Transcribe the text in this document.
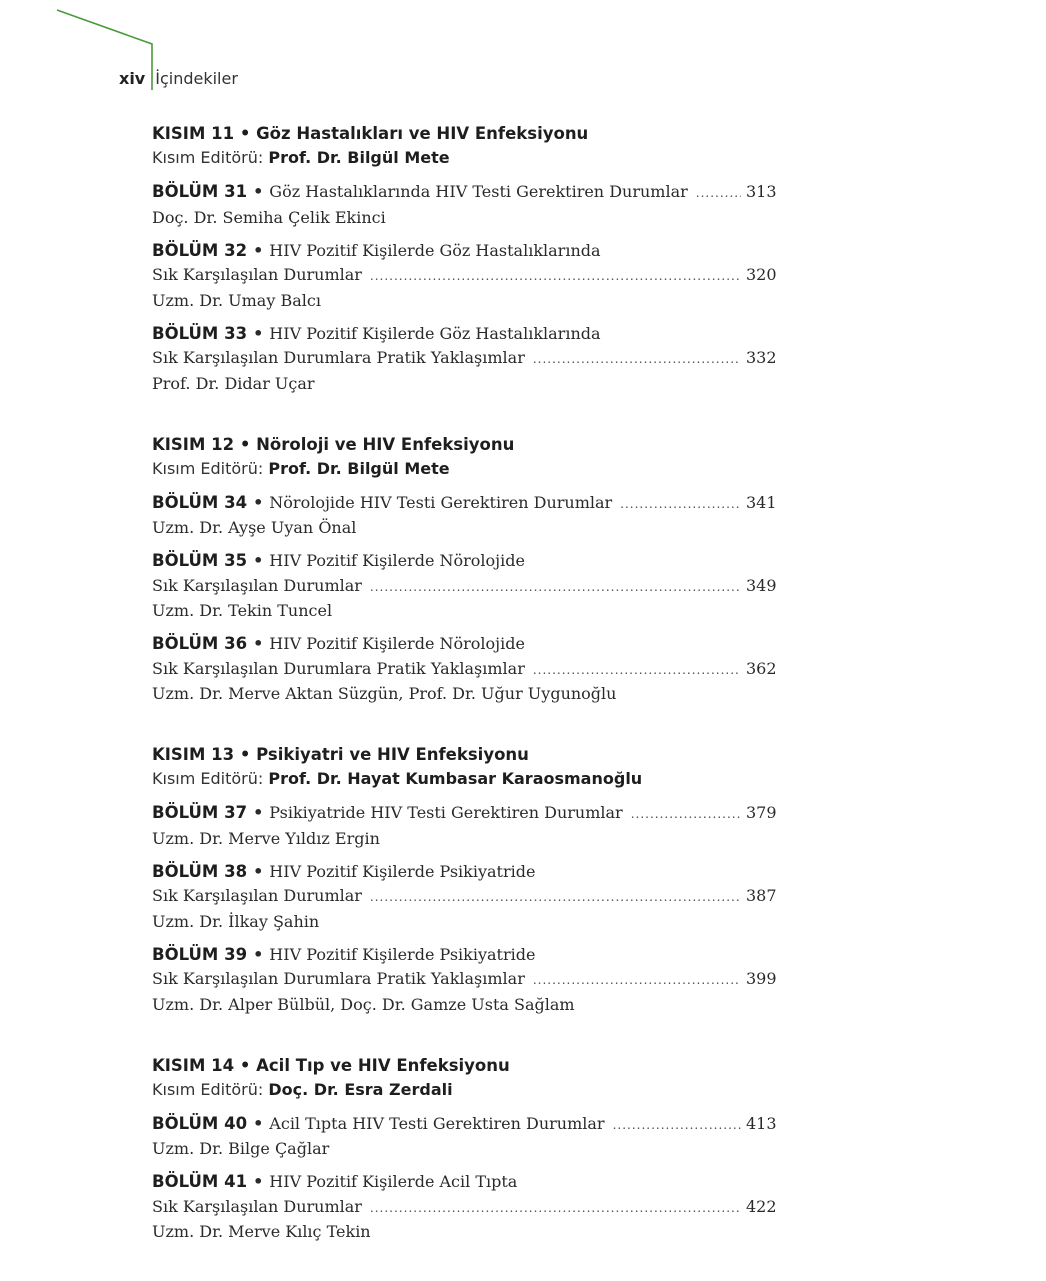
xiv İçindekiler
KISIM 11 • Göz Hastalıkları ve HIV Enfeksiyonu
Kısım Editörü: Prof. Dr. Bilgül Mete
BÖLÜM 31 • Göz Hastalıklarında HIV Testi Gerektiren Durumlar .....	313
Doç. Dr. Semiha Çelik Ekinci
BÖLÜM 32 • HIV Pozitif Kişilerde Göz Hastalıklarında
Sık Karşılaşılan Durumlar .....	320
Uzm. Dr. Umay Balcı
BÖLÜM 33 • HIV Pozitif Kişilerde Göz Hastalıklarında
Sık Karşılaşılan Durumlara Pratik Yaklaşımlar .....	332
Prof. Dr. Didar Uçar
KISIM 12 • Nöroloji ve HIV Enfeksiyonu
Kısım Editörü: Prof. Dr. Bilgül Mete
BÖLÜM 34 • Nörolojide HIV Testi Gerektiren Durumlar .....	341
Uzm. Dr. Ayşe Uyan Önal
BÖLÜM 35 • HIV Pozitif Kişilerde Nörolojide
Sık Karşılaşılan Durumlar .....	349
Uzm. Dr. Tekin Tuncel
BÖLÜM 36 • HIV Pozitif Kişilerde Nörolojide
Sık Karşılaşılan Durumlara Pratik Yaklaşımlar .....	362
Uzm. Dr. Merve Aktan Süzgün, Prof. Dr. Uğur Uygunoğlu
KISIM 13 • Psikiyatri ve HIV Enfeksiyonu
Kısım Editörü: Prof. Dr. Hayat Kumbasar Karaosmanoğlu
BÖLÜM 37 • Psikiyatride HIV Testi Gerektiren Durumlar .....	379
Uzm. Dr. Merve Yıldız Ergin
BÖLÜM 38 • HIV Pozitif Kişilerde Psikiyatride
Sık Karşılaşılan Durumlar .....	387
Uzm. Dr. İlkay Şahin
BÖLÜM 39 • HIV Pozitif Kişilerde Psikiyatride
Sık Karşılaşılan Durumlara Pratik Yaklaşımlar .....	399
Uzm. Dr. Alper Bülbül, Doç. Dr. Gamze Usta Sağlam
KISIM 14 • Acil Tıp ve HIV Enfeksiyonu
Kısım Editörü: Doç. Dr. Esra Zerdali
BÖLÜM 40 • Acil Tıpta HIV Testi Gerektiren Durumlar .....	413
Uzm. Dr. Bilge Çağlar
BÖLÜM 41 • HIV Pozitif Kişilerde Acil Tıpta
Sık Karşılaşılan Durumlar .....	422
Uzm. Dr. Merve Kılıç Tekin
